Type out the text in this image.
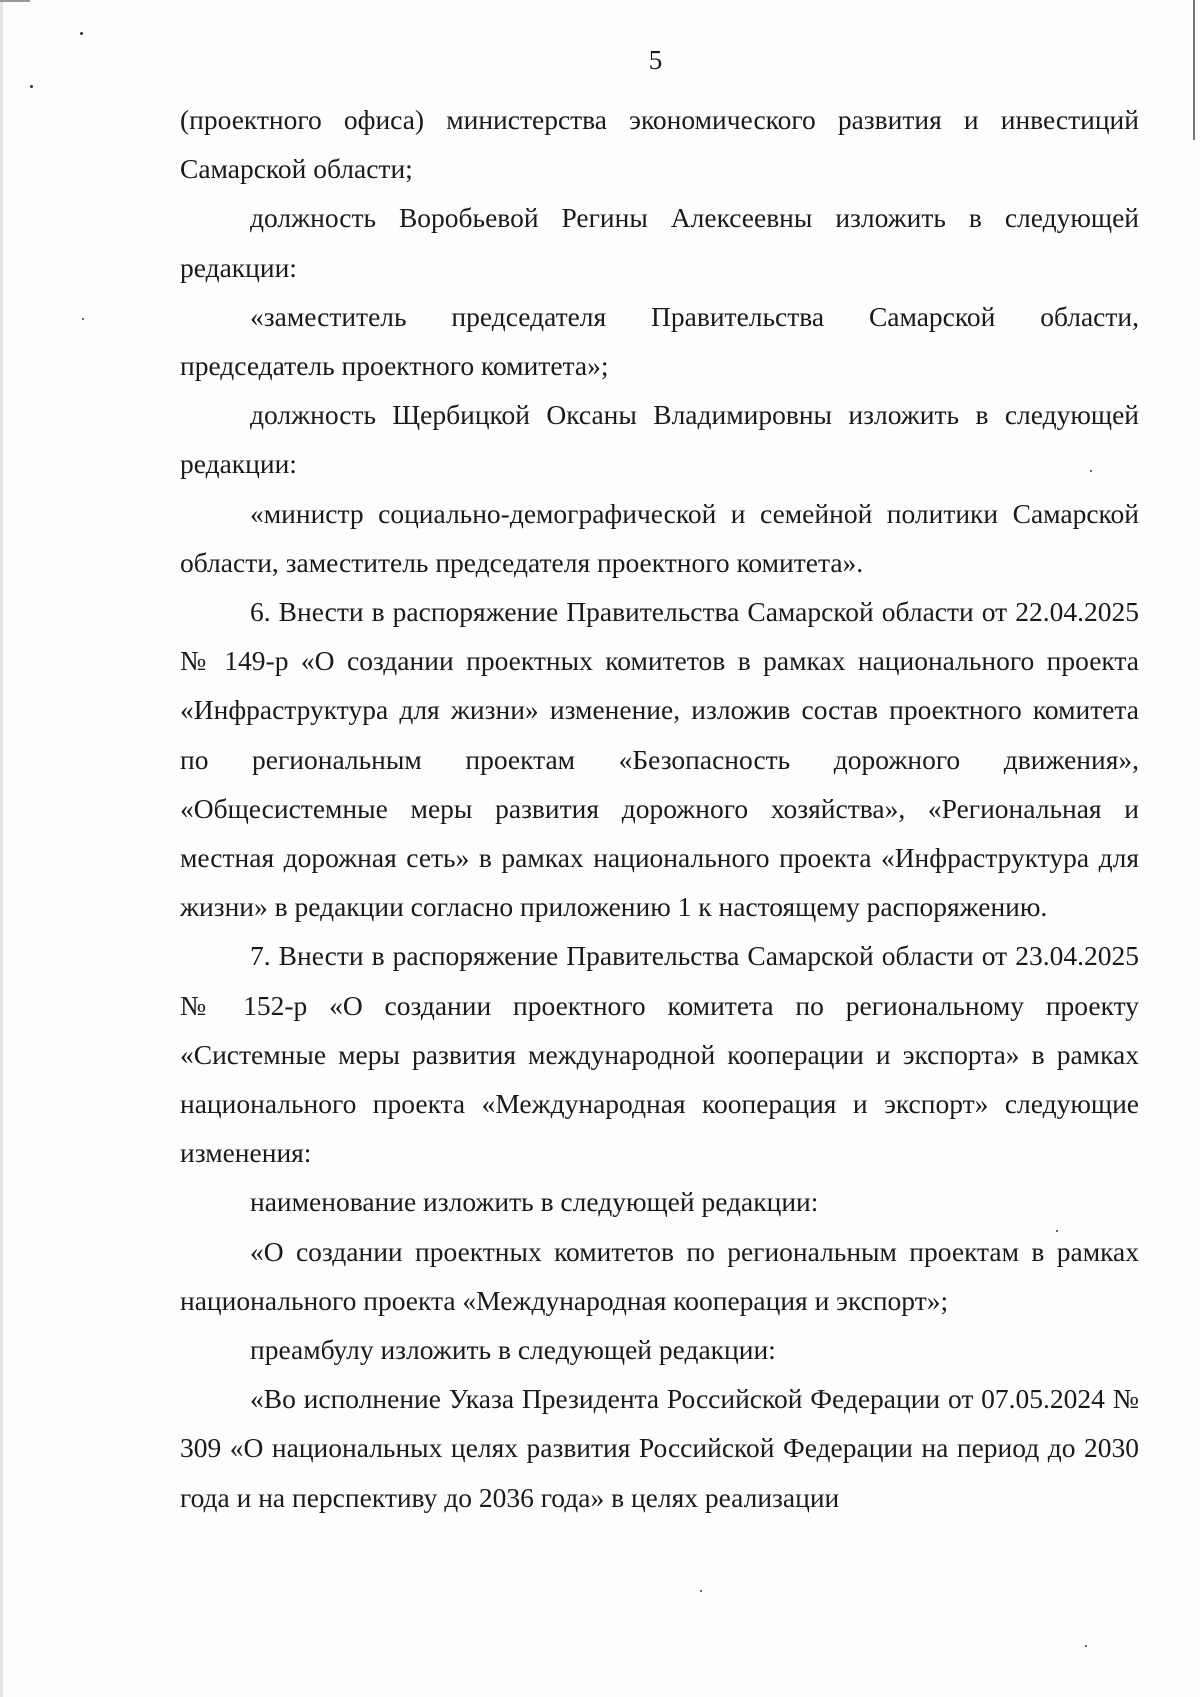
5

(проектного офиса) министерства экономического развития и инвестиций Самарской области;

должность Воробьевой Регины Алексеевны изложить в следующей редакции:

«заместитель председателя Правительства Самарской области, председатель проектного комитета»;

должность Щербицкой Оксаны Владимировны изложить в следующей редакции:

«министр социально-демографической и семейной политики Самарской области, заместитель председателя проектного комитета».

6. Внести в распоряжение Правительства Самарской области от 22.04.2025 № 149-р «О создании проектных комитетов в рамках национального проекта «Инфраструктура для жизни» изменение, изложив состав проектного комитета по региональным проектам «Безопасность дорожного движения», «Общесистемные меры развития дорожного хозяйства», «Региональная и местная дорожная сеть» в рамках национального проекта «Инфраструктура для жизни» в редакции согласно приложению 1 к настоящему распоряжению.

7. Внести в распоряжение Правительства Самарской области от 23.04.2025 № 152-р «О создании проектного комитета по региональному проекту «Системные меры развития международной кооперации и экспорта» в рамках национального проекта «Международная кооперация и экспорт» следующие изменения:

наименование изложить в следующей редакции:

«О создании проектных комитетов по региональным проектам в рамках национального проекта «Международная кооперация и экспорт»;

преамбулу изложить в следующей редакции:

«Во исполнение Указа Президента Российской Федерации от 07.05.2024 № 309 «О национальных целях развития Российской Федерации на период до 2030 года и на перспективу до 2036 года» в целях реализации
